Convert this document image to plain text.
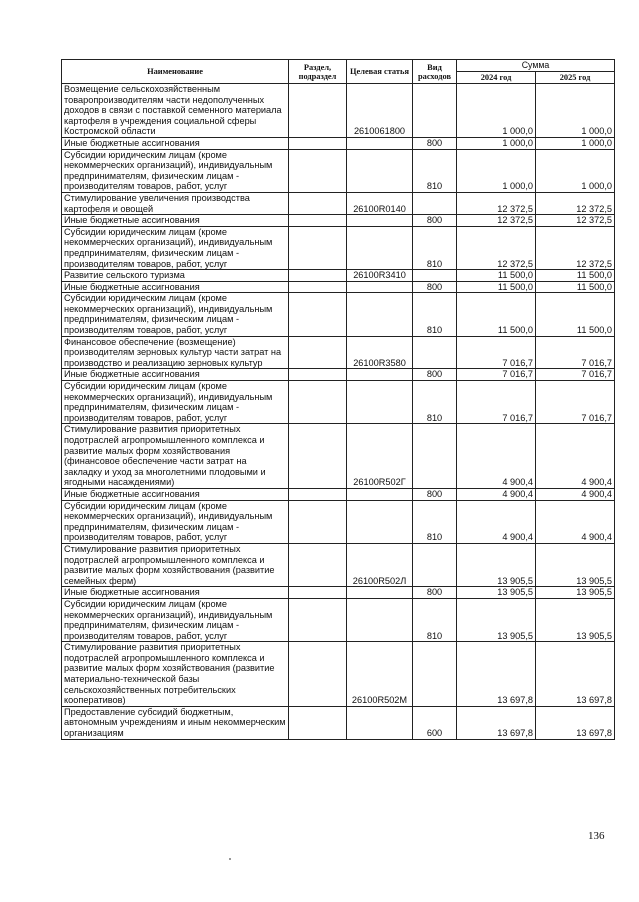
Наименование	Раздел, подраздел	Целевая статья	Вид расходов	Сумма	
				2024 год	2025 год
Возмещение сельскохозяйственным товаропроизводителям части недополученных доходов в связи с поставкой семенного материала картофеля в учреждения социальной сферы Костромской области		2610061800		1 000,0	1 000,0
Иные бюджетные ассигнования			800	1 000,0	1 000,0
Субсидии юридическим лицам (кроме некоммерческих организаций), индивидуальным предпринимателям, физическим лицам - производителям товаров, работ, услуг			810	1 000,0	1 000,0
Стимулирование увеличения производства картофеля и овощей		26100R0140		12 372,5	12 372,5
Иные бюджетные ассигнования			800	12 372,5	12 372,5
Субсидии юридическим лицам (кроме некоммерческих организаций), индивидуальным предпринимателям, физическим лицам - производителям товаров, работ, услуг			810	12 372,5	12 372,5
Развитие сельского туризма		26100R3410		11 500,0	11 500,0
Иные бюджетные ассигнования			800	11 500,0	11 500,0
Субсидии юридическим лицам (кроме некоммерческих организаций), индивидуальным предпринимателям, физическим лицам - производителям товаров, работ, услуг			810	11 500,0	11 500,0
Финансовое обеспечение (возмещение) производителям зерновых культур части затрат на производство и реализацию зерновых культур		26100R3580		7 016,7	7 016,7
Иные бюджетные ассигнования			800	7 016,7	7 016,7
Субсидии юридическим лицам (кроме некоммерческих организаций), индивидуальным предпринимателям, физическим лицам - производителям товаров, работ, услуг			810	7 016,7	7 016,7
Стимулирование развития приоритетных подотраслей агропромышленного комплекса и развитие малых форм хозяйствования (финансовое обеспечение части затрат на закладку и уход за многолетними плодовыми и ягодными насаждениями)		26100R502Г		4 900,4	4 900,4
Иные бюджетные ассигнования			800	4 900,4	4 900,4
Субсидии юридическим лицам (кроме некоммерческих организаций), индивидуальным предпринимателям, физическим лицам - производителям товаров, работ, услуг			810	4 900,4	4 900,4
Стимулирование развития приоритетных подотраслей агропромышленного комплекса и развитие малых форм хозяйствования (развитие семейных ферм)		26100R502Л		13 905,5	13 905,5
Иные бюджетные ассигнования			800	13 905,5	13 905,5
Субсидии юридическим лицам (кроме некоммерческих организаций), индивидуальным предпринимателям, физическим лицам - производителям товаров, работ, услуг			810	13 905,5	13 905,5
Стимулирование развития приоритетных подотраслей агропромышленного комплекса и развитие малых форм хозяйствования (развитие материально-технической базы сельскохозяйственных потребительских кооперативов)		26100R502М		13 697,8	13 697,8
Предоставление субсидий бюджетным, автономным учреждениям и иным некоммерческим организациям			600	13 697,8	13 697,8
136
